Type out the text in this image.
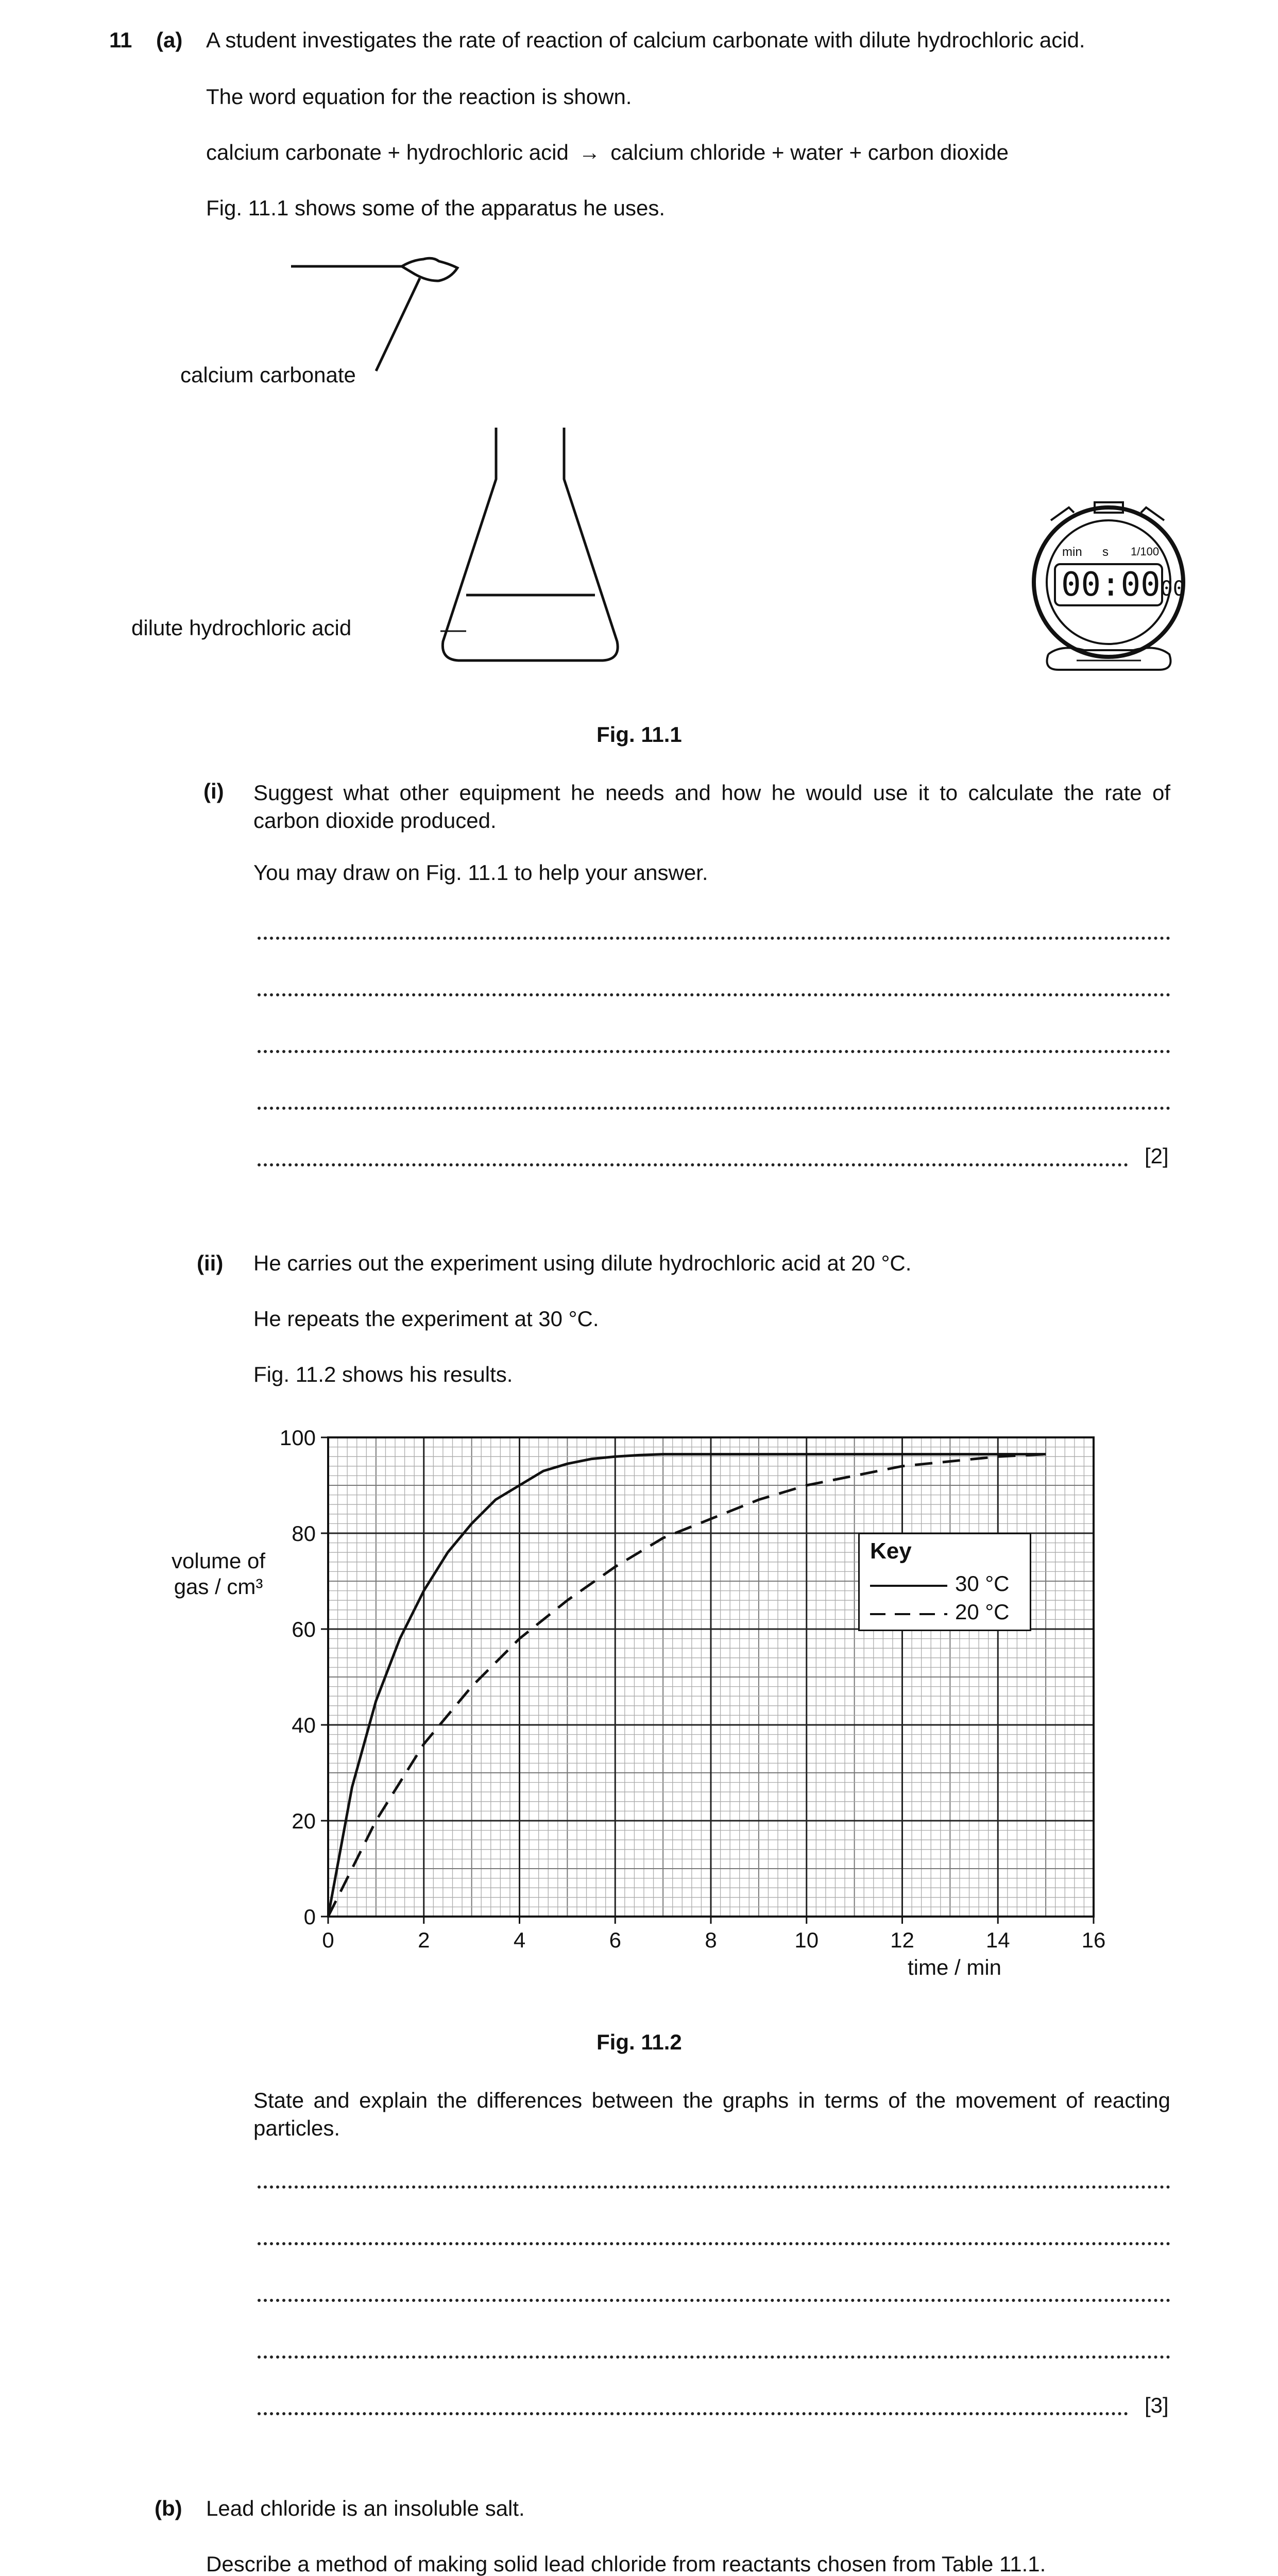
11 (a) A student investigates the rate of reaction of calcium carbonate with dilute hydrochloric acid.
The word equation for the reaction is shown.
calcium carbonate + hydrochloric acid → calcium chloride + water + carbon dioxide
Fig. 11.1 shows some of the apparatus he uses.
calcium carbonate
dilute hydrochloric acid
min s 1/100
00:0000
Fig. 11.1
(i) Suggest what other equipment he needs and how he would use it to calculate the rate of carbon dioxide produced.
You may draw on Fig. 11.1 to help your answer.
[2]
(ii) He carries out the experiment using dilute hydrochloric acid at 20 °C.
He repeats the experiment at 30 °C.
Fig. 11.2 shows his results.
0	2	4	6	8	10	12	14	16
0
20
40
60
80
100
volume of
gas / cm³
time / min
Key
30 °C
20 °C
Fig. 11.2
State and explain the differences between the graphs in terms of the movement of reacting particles.
[3]
(b) Lead chloride is an insoluble salt.
Describe a method of making solid lead chloride from reactants chosen from Table 11.1.
